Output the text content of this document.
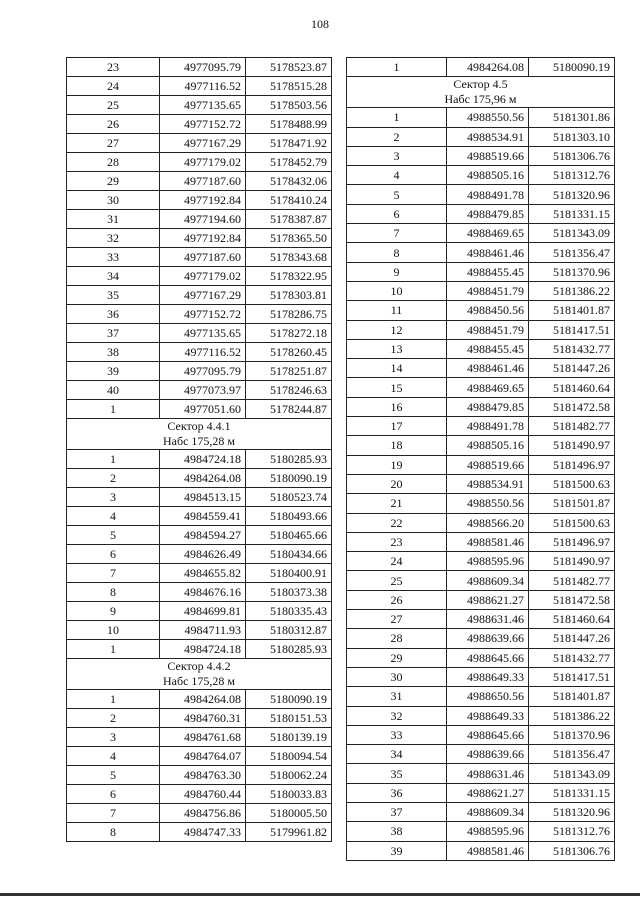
108
23	4977095.79	5178523.87
24	4977116.52	5178515.28
25	4977135.65	5178503.56
26	4977152.72	5178488.99
27	4977167.29	5178471.92
28	4977179.02	5178452.79
29	4977187.60	5178432.06
30	4977192.84	5178410.24
31	4977194.60	5178387.87
32	4977192.84	5178365.50
33	4977187.60	5178343.68
34	4977179.02	5178322.95
35	4977167.29	5178303.81
36	4977152.72	5178286.75
37	4977135.65	5178272.18
38	4977116.52	5178260.45
39	4977095.79	5178251.87
40	4977073.97	5178246.63
1	4977051.60	5178244.87

Сектор 4.4.1
Набс 175,28 м		

1	4984724.18	5180285.93
2	4984264.08	5180090.19
3	4984513.15	5180523.74
4	4984559.41	5180493.66
5	4984594.27	5180465.66
6	4984626.49	5180434.66
7	4984655.82	5180400.91
8	4984676.16	5180373.38
9	4984699.81	5180335.43
10	4984711.93	5180312.87
1	4984724.18	5180285.93

Сектор 4.4.2
Набс 175,28 м		

1	4984264.08	5180090.19
2	4984760.31	5180151.53
3	4984761.68	5180139.19
4	4984764.07	5180094.54
5	4984763.30	5180062.24
6	4984760.44	5180033.83
7	4984756.86	5180005.50
8	4984747.33	5179961.82
1	4984264.08	5180090.19

Сектор 4.5
Набс 175,96 м		

1	4988550.56	5181301.86
2	4988534.91	5181303.10
3	4988519.66	5181306.76
4	4988505.16	5181312.76
5	4988491.78	5181320.96
6	4988479.85	5181331.15
7	4988469.65	5181343.09
8	4988461.46	5181356.47
9	4988455.45	5181370.96
10	4988451.79	5181386.22
11	4988450.56	5181401.87
12	4988451.79	5181417.51
13	4988455.45	5181432.77
14	4988461.46	5181447.26
15	4988469.65	5181460.64
16	4988479.85	5181472.58
17	4988491.78	5181482.77
18	4988505.16	5181490.97
19	4988519.66	5181496.97
20	4988534.91	5181500.63
21	4988550.56	5181501.87
22	4988566.20	5181500.63
23	4988581.46	5181496.97
24	4988595.96	5181490.97
25	4988609.34	5181482.77
26	4988621.27	5181472.58
27	4988631.46	5181460.64
28	4988639.66	5181447.26
29	4988645.66	5181432.77
30	4988649.33	5181417.51
31	4988650.56	5181401.87
32	4988649.33	5181386.22
33	4988645.66	5181370.96
34	4988639.66	5181356.47
35	4988631.46	5181343.09
36	4988621.27	5181331.15
37	4988609.34	5181320.96
38	4988595.96	5181312.76
39	4988581.46	5181306.76
